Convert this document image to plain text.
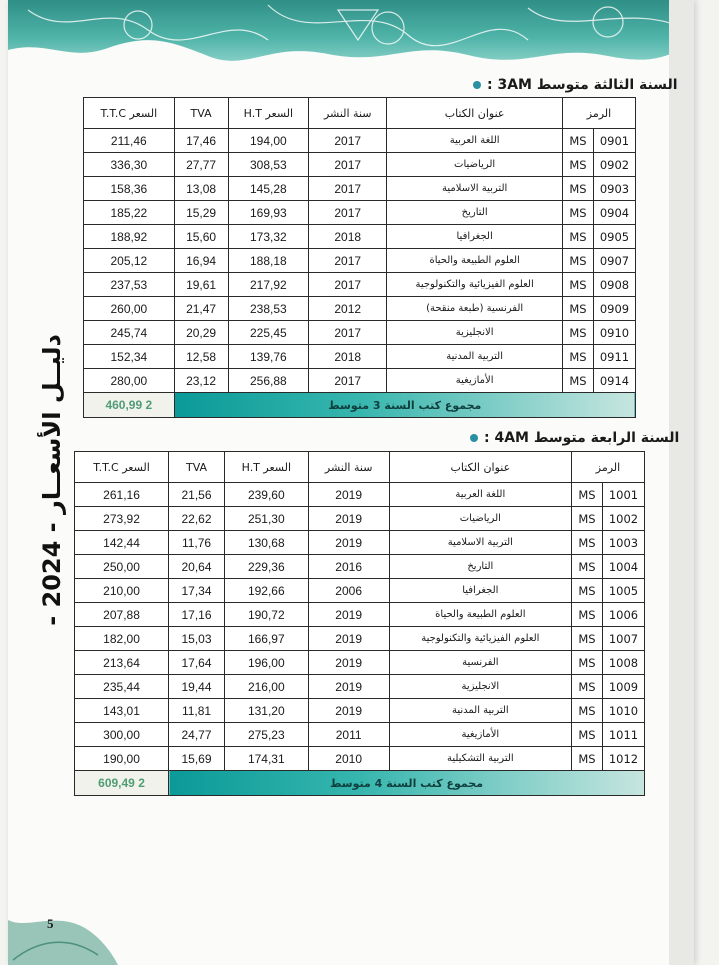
دليــل الأسعــار - 2024 -
السنة الثالثة متوسط 3AM :
الرمز		عنوان الكتاب	سنة النشر	السعر H.T	TVA	السعر T.T.C
0901	MS	اللغة العربية	2017	194,00	17,46	211,46
0902	MS	الرياضيات	2017	308,53	27,77	336,30
0903	MS	التربية الاسلامية	2017	145,28	13,08	158,36
0904	MS	التاريخ	2017	169,93	15,29	185,22
0905	MS	الجغرافيا	2018	173,32	15,60	188,92
0907	MS	العلوم الطبيعة والحياة	2017	188,18	16,94	205,12
0908	MS	العلوم الفيزيائية والتكنولوجية	2017	217,92	19,61	237,53
0909	MS	الفرنسية (طبعة منقحة)	2012	238,53	21,47	260,00
0910	MS	الانجليزية	2017	225,45	20,29	245,74
0911	MS	التربية المدنية	2018	139,76	12,58	152,34
0914	MS	الأمازيغية	2017	256,88	23,12	280,00
مجموع كتب السنة 3 متوسط						2 460,99
السنة الرابعة متوسط 4AM :
الرمز		عنوان الكتاب	سنة النشر	السعر H.T	TVA	السعر T.T.C
1001	MS	اللغة العربية	2019	239,60	21,56	261,16
1002	MS	الرياضيات	2019	251,30	22,62	273,92
1003	MS	التربية الاسلامية	2019	130,68	11,76	142,44
1004	MS	التاريخ	2016	229,36	20,64	250,00
1005	MS	الجغرافيا	2006	192,66	17,34	210,00
1006	MS	العلوم الطبيعة والحياة	2019	190,72	17,16	207,88
1007	MS	العلوم الفيزيائية والتكنولوجية	2019	166,97	15,03	182,00
1008	MS	الفرنسية	2019	196,00	17,64	213,64
1009	MS	الانجليزية	2019	216,00	19,44	235,44
1010	MS	التربية المدنية	2019	131,20	11,81	143,01
1011	MS	الأمازيغية	2011	275,23	24,77	300,00
1012	MS	التربية التشكيلية	2010	174,31	15,69	190,00
مجموع كتب السنة 4 متوسط						2 609,49
5
